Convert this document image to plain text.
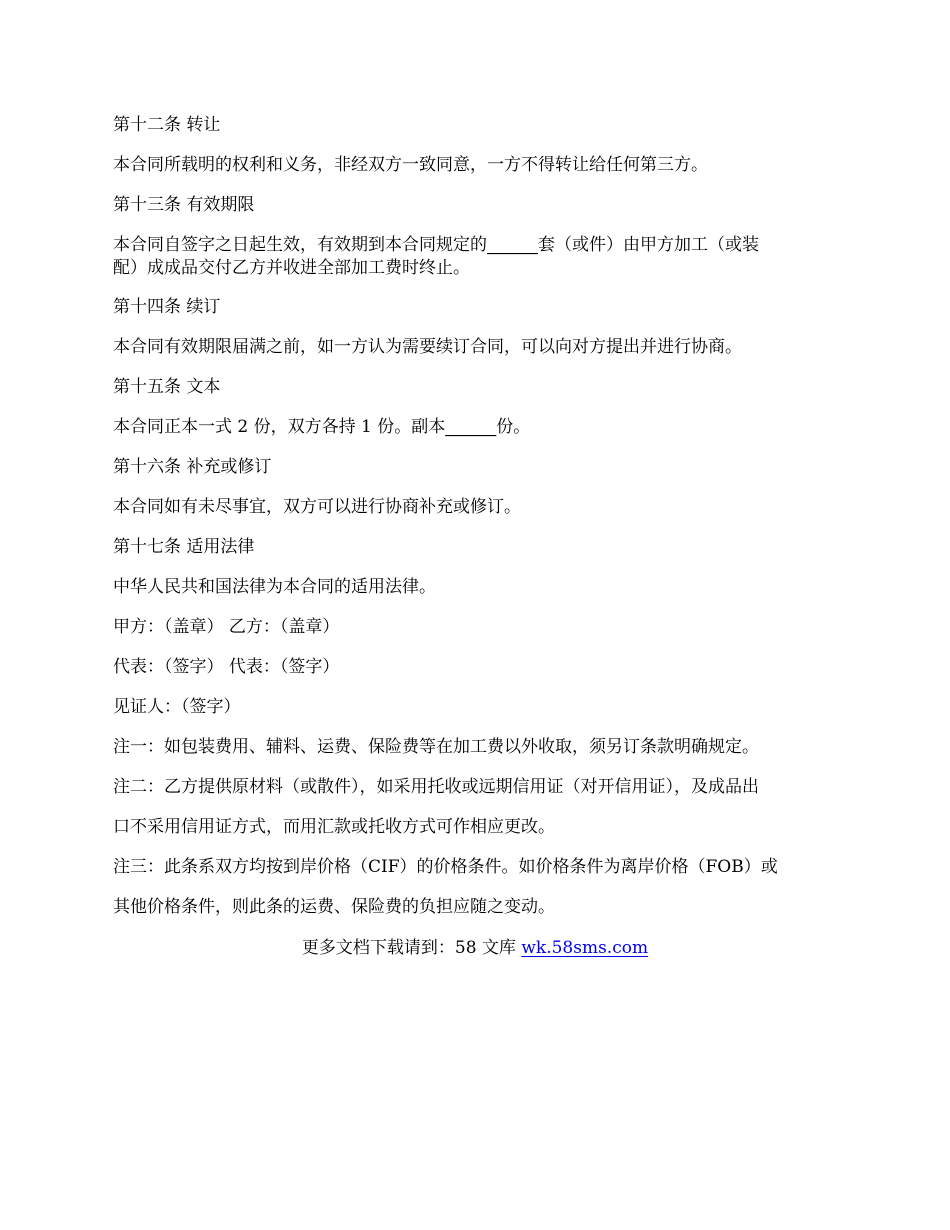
第十二条 转让
本合同所载明的权利和义务，非经双方一致同意，一方不得转让给任何第三方。
第十三条 有效期限
本合同自签字之日起生效，有效期到本合同规定的______套（或件）由甲方加工（或装
配）成成品交付乙方并收进全部加工费时终止。
第十四条 续订
本合同有效期限届满之前，如一方认为需要续订合同，可以向对方提出并进行协商。
第十五条 文本
本合同正本一式 2 份，双方各持 1 份。副本______份。
第十六条 补充或修订
本合同如有未尽事宜，双方可以进行协商补充或修订。
第十七条 适用法律
中华人民共和国法律为本合同的适用法律。
甲方：（盖章） 乙方：（盖章）
代表：（签字） 代表：（签字）
见证人：（签字）
注一：如包装费用、辅料、运费、保险费等在加工费以外收取，须另订条款明确规定。
注二：乙方提供原材料（或散件），如采用托收或远期信用证（对开信用证），及成品出
口不采用信用证方式，而用汇款或托收方式可作相应更改。
注三：此条系双方均按到岸价格（CIF）的价格条件。如价格条件为离岸价格（FOB）或
其他价格条件，则此条的运费、保险费的负担应随之变动。
更多文档下载请到：58 文库 wk.58sms.com
